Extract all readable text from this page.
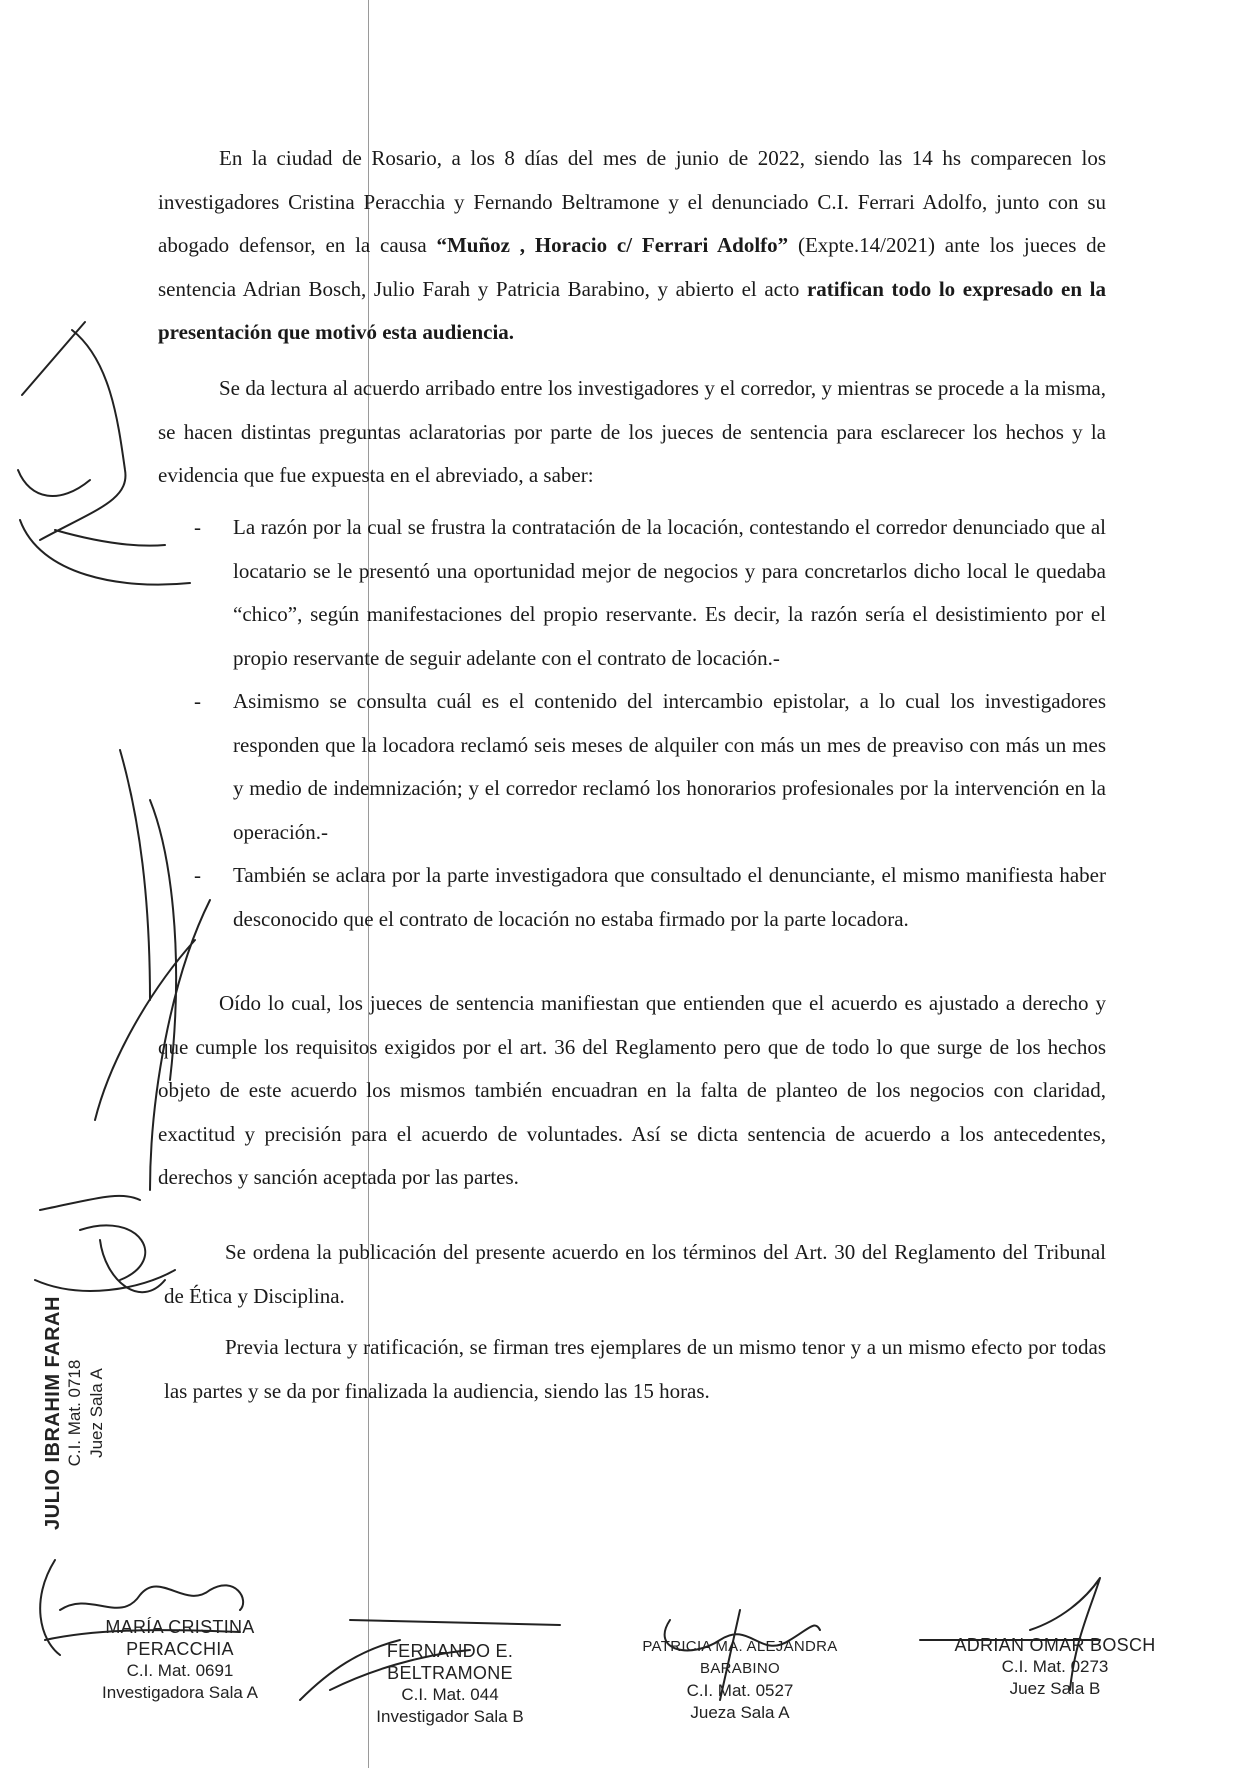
En la ciudad de Rosario, a los 8 días del mes de junio de 2022, siendo las 14 hs comparecen los investigadores Cristina Peracchia y Fernando Beltramone y el denunciado C.I. Ferrari Adolfo, junto con su abogado defensor, en la causa “Muñoz , Horacio c/ Ferrari Adolfo” (Expte.14/2021) ante los jueces de sentencia Adrian Bosch, Julio Farah y Patricia Barabino, y abierto el acto ratifican todo lo expresado en la presentación que motivó esta audiencia.

Se da lectura al acuerdo arribado entre los investigadores y el corredor, y mientras se procede a la misma, se hacen distintas preguntas aclaratorias por parte de los jueces de sentencia para esclarecer los hechos y la evidencia que fue expuesta en el abreviado, a saber:

- La razón por la cual se frustra la contratación de la locación, contestando el corredor denunciado que al locatario se le presentó una oportunidad mejor de negocios y para concretarlos dicho local le quedaba “chico”, según manifestaciones del propio reservante. Es decir, la razón sería el desistimiento por el propio reservante de seguir adelante con el contrato de locación.-
- Asimismo se consulta cuál es el contenido del intercambio epistolar, a lo cual los investigadores responden que la locadora reclamó seis meses de alquiler con más un mes de preaviso con más un mes y medio de indemnización; y el corredor reclamó los honorarios profesionales por la intervención en la operación.-
- También se aclara por la parte investigadora que consultado el denunciante, el mismo manifiesta haber desconocido que el contrato de locación no estaba firmado por la parte locadora.

Oído lo cual, los jueces de sentencia manifiestan que entienden que el acuerdo es ajustado a derecho y que cumple los requisitos exigidos por el art. 36 del Reglamento pero que de todo lo que surge de los hechos objeto de este acuerdo los mismos también encuadran en la falta de planteo de los negocios con claridad, exactitud y precisión para el acuerdo de voluntades. Así se dicta sentencia de acuerdo a los antecedentes, derechos y sanción aceptada por las partes.

Se ordena la publicación del presente acuerdo en los términos del Art. 30 del Reglamento del Tribunal de Ética y Disciplina.

Previa lectura y ratificación, se firman tres ejemplares de un mismo tenor y a un mismo efecto por todas las partes y se da por finalizada la audiencia, siendo las 15 horas.

JULIO IBRAHIM FARAH C.I. Mat. 0718 Juez Sala A
MARÍA CRISTINA PERACCHIA
C.I. Mat. 0691
Investigadora Sala A
FERNANDO E. BELTRAMONE
C.I. Mat. 044
Investigador Sala B
PATRICIA MA. ALEJANDRA BARABINO
C.I. Mat. 0527
Jueza Sala A
ADRIAN OMAR BOSCH
C.I. Mat. 0273
Juez Sala B
